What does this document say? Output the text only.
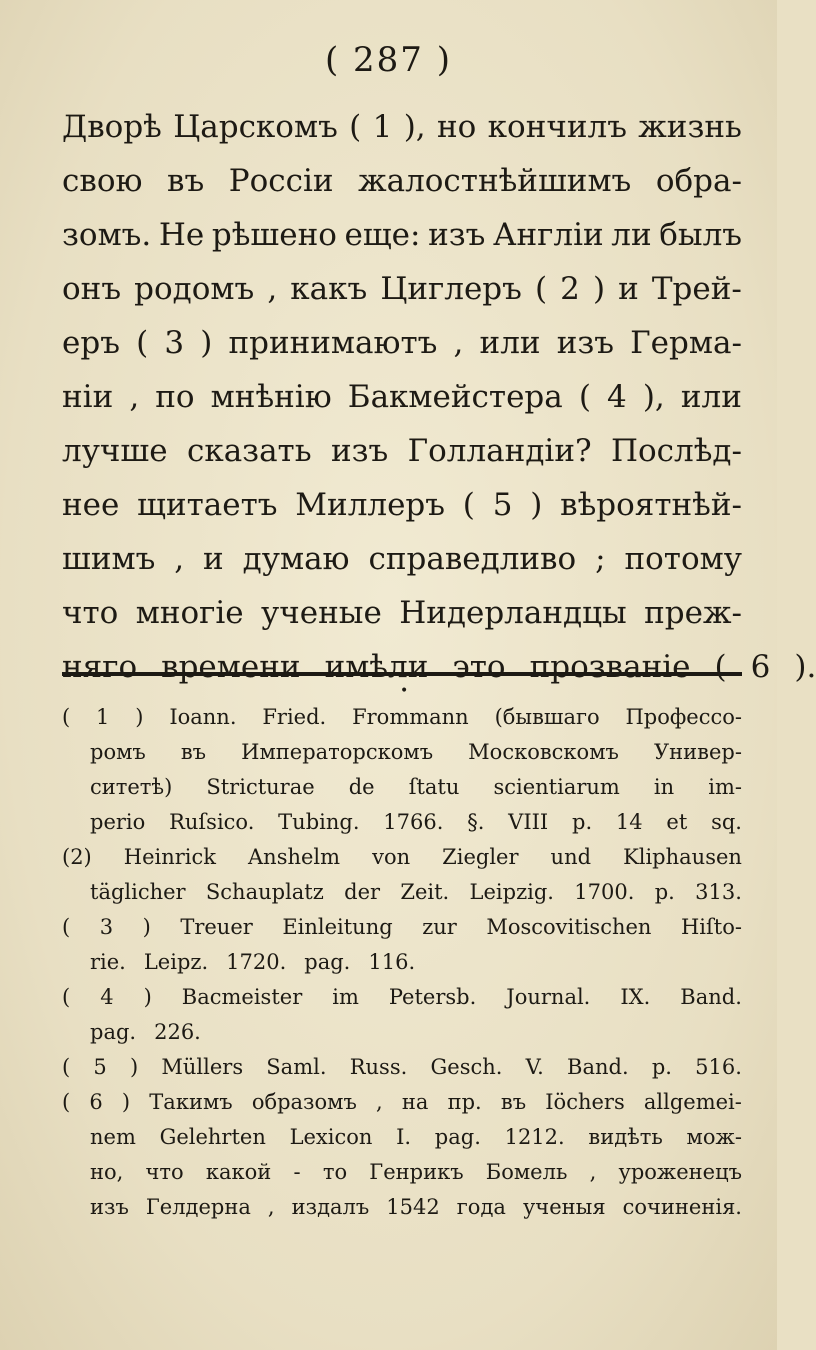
( 287 )
Дворѣ Царскомъ ( 1 ), но кончилъ жизнь
свою въ Россіи жалостнѣйшимъ обра-
зомъ. Не рѣшено еще: изъ Англіи ли былъ
онъ родомъ , какъ Циглеръ ( 2 ) и Трей-
еръ ( 3 ) принимаютъ , или изъ Герма-
ніи , по мнѣнію Бакмейстера ( 4 ), или
лучше сказать изъ Голландіи? Послѣд-
нее щитаетъ Миллеръ ( 5 ) вѣроятнѣй-
шимъ , и думаю справедливо ; потому
что многіе ученые Нидерландцы преж-
няго времени имѣли это прозваніе ( 6 ).
•
( 1 ) Ioann. Fried. Frommann (бывшаго Профессо-
ромъ въ Императорскомъ Московскомъ Универ-
ситетѣ) Stricturae de ſtatu scientiarum in im-
perio Ruſsico. Tubing. 1766. §. VIII p. 14 et sq.
(2) Heinrick Anshelm von Ziegler und Kliphausen
täglicher Schauplatz der Zeit. Leipzig. 1700. p. 313.
( 3 ) Treuer Einleitung zur Moscovitischen Hiſto-
rie. Leipz. 1720. pag. 116.
( 4 ) Bacmeister im Petersb. Journal. IX. Band.
pag. 226.
( 5 ) Müllers Saml. Russ. Gesch. V. Band. p. 516.
( 6 ) Такимъ образомъ , на пр. въ Iöchers allgemei-
nem Gelehrten Lexicon I. pag. 1212. видѣть мож-
но, что какой - то Генрикъ Бомель , уроженецъ
изъ Гелдерна , издалъ 1542 года ученыя сочиненія.
